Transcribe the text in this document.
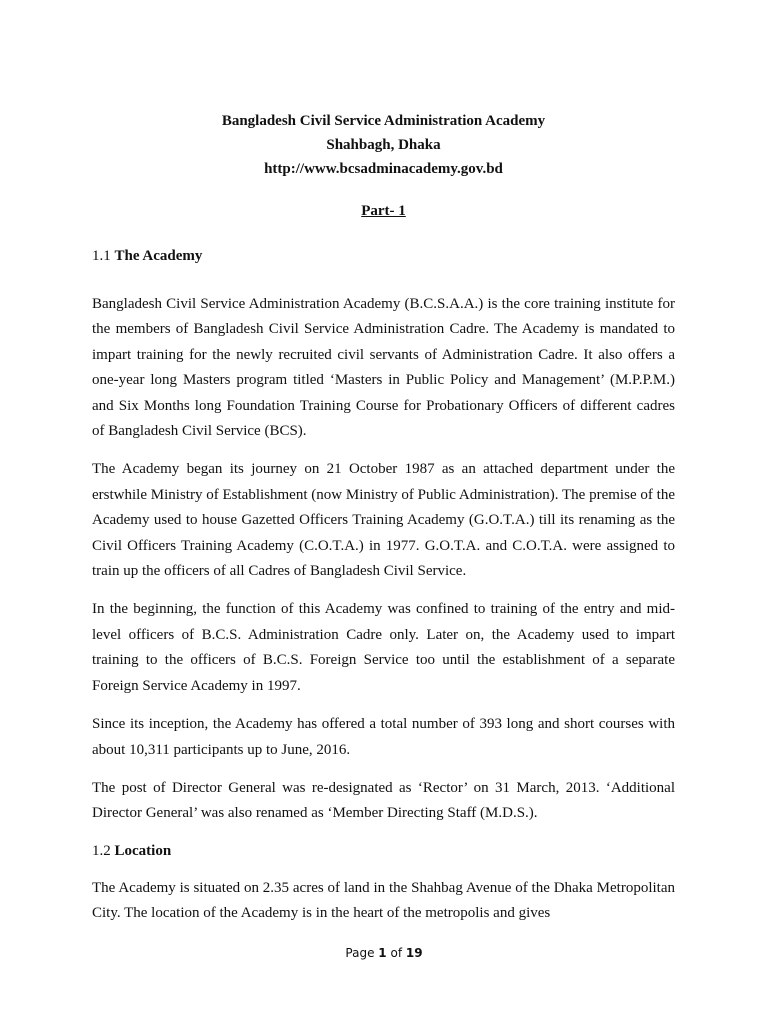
Bangladesh Civil Service Administration Academy
Shahbagh, Dhaka
http://www.bcsadminacademy.gov.bd
Part- 1
1.1 The Academy

Bangladesh Civil Service Administration Academy (B.C.S.A.A.) is the core training institute for the members of Bangladesh Civil Service Administration Cadre. The Academy is mandated to impart training for the newly recruited civil servants of Administration Cadre. It also offers a one-year long Masters program titled ‘Masters in Public Policy and Management’ (M.P.P.M.) and Six Months long Foundation Training Course for Probationary Officers of different cadres of Bangladesh Civil Service (BCS).

The Academy began its journey on 21 October 1987 as an attached department under the erstwhile Ministry of Establishment (now Ministry of Public Administration). The premise of the Academy used to house Gazetted Officers Training Academy (G.O.T.A.) till its renaming as the Civil Officers Training Academy (C.O.T.A.) in 1977. G.O.T.A. and C.O.T.A. were assigned to train up the officers of all Cadres of Bangladesh Civil Service.

In the beginning, the function of this Academy was confined to training of the entry and mid-level officers of B.C.S. Administration Cadre only. Later on, the Academy used to impart training to the officers of B.C.S. Foreign Service too until the establishment of a separate Foreign Service Academy in 1997.

Since its inception, the Academy has offered a total number of 393 long and short courses with about 10,311 participants up to June, 2016.

The post of Director General was re-designated as ‘Rector’ on 31 March, 2013. ‘Additional Director General’ was also renamed as ‘Member Directing Staff (M.D.S.).

1.2 Location

The Academy is situated on 2.35 acres of land in the Shahbag Avenue of the Dhaka Metropolitan City. The location of the Academy is in the heart of the metropolis and gives

Page 1 of 19
